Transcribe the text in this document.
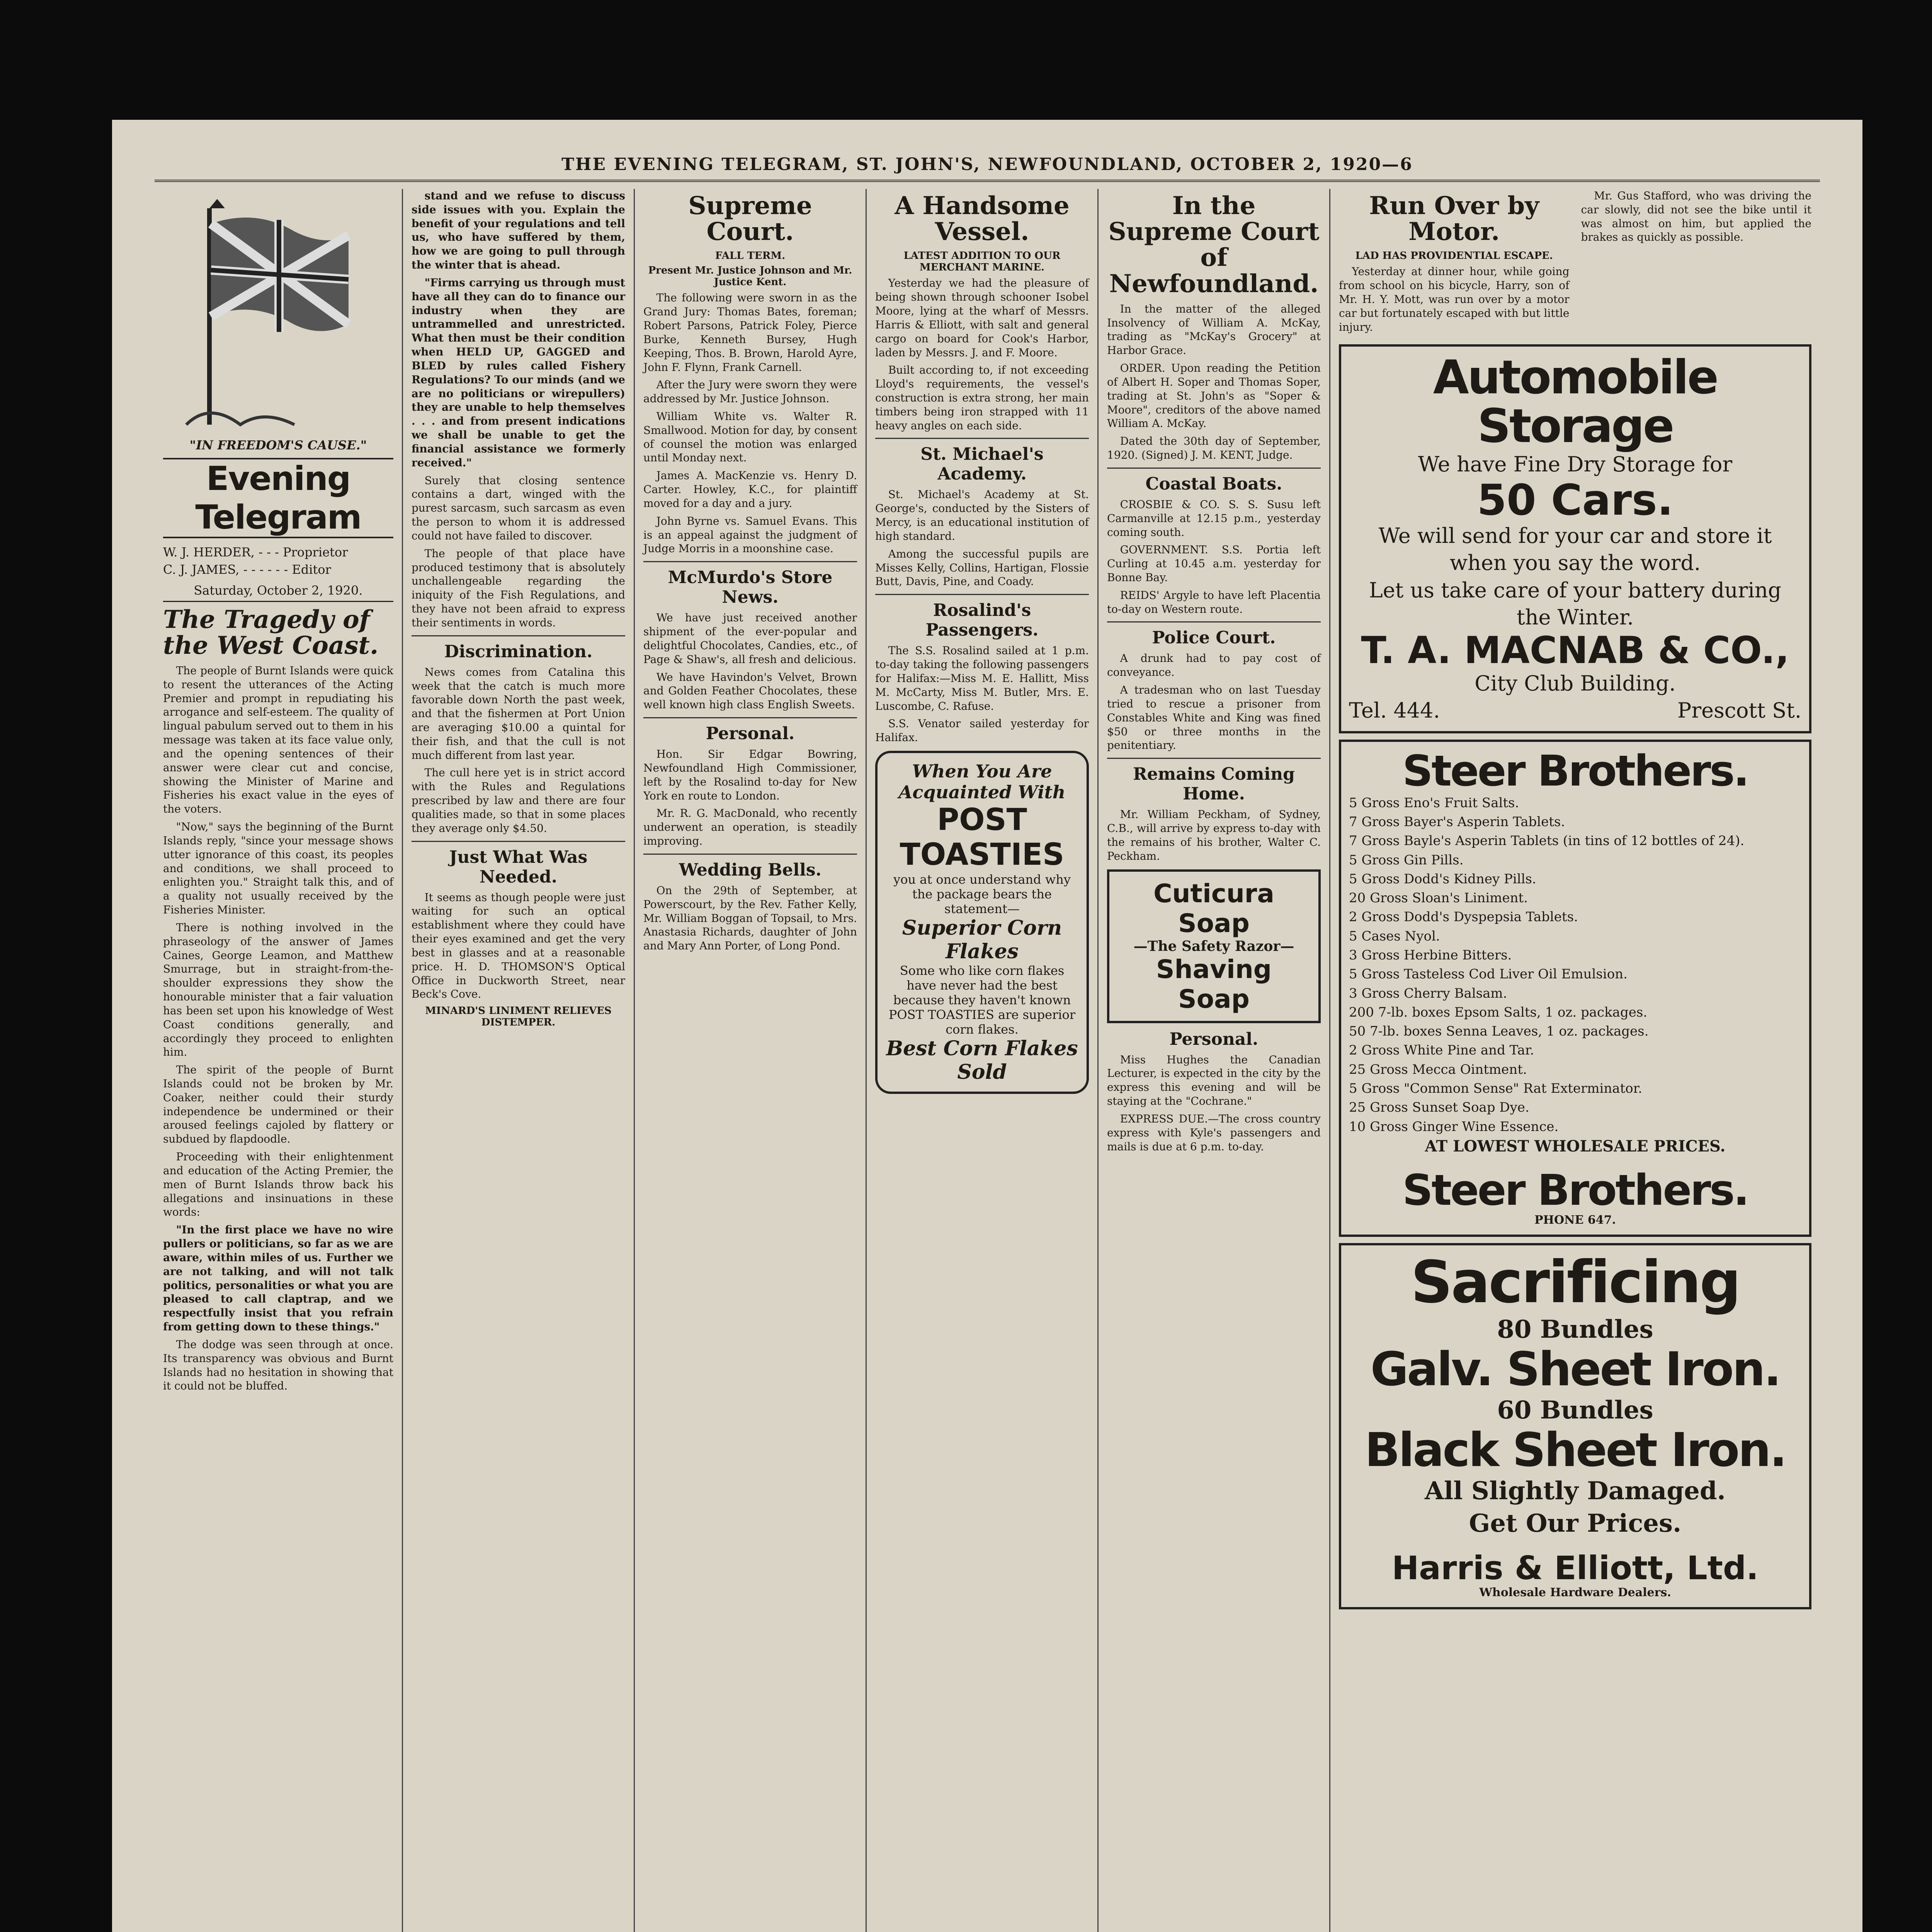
THE EVENING TELEGRAM, ST. JOHN'S, NEWFOUNDLAND, OCTOBER 2, 1920—6
"IN FREEDOM'S CAUSE."
Evening Telegram
W. J. HERDER, - - - Proprietor
C. J. JAMES, - - - - - - Editor
Saturday, October 2, 1920.
The Tragedy of the West Coast.

The people of Burnt Islands were quick to resent the utterances of the Acting Premier and prompt in repudiating his arrogance and self-esteem. The quality of lingual pabulum served out to them in his message was taken at its face value only, and the opening sentences of their answer were clear cut and concise, showing the Minister of Marine and Fisheries his exact value in the eyes of the voters.

"Now," says the beginning of the Burnt Islands reply, "since your message shows utter ignorance of this coast, its peoples and conditions, we shall proceed to enlighten you." Straight talk this, and of a quality not usually received by the Fisheries Minister.

There is nothing involved in the phraseology of the answer of James Caines, George Leamon, and Matthew Smurrage, but in straight-from-the-shoulder expressions they show the honourable minister that a fair valuation has been set upon his knowledge of West Coast conditions generally, and accordingly they proceed to enlighten him.

The spirit of the people of Burnt Islands could not be broken by Mr. Coaker, neither could their sturdy independence be undermined or their aroused feelings cajoled by flattery or subdued by flapdoodle.

Proceeding with their enlightenment and education of the Acting Premier, the men of Burnt Islands throw back his allegations and insinuations in these words:

"In the first place we have no wire pullers or politicians, so far as we are aware, within miles of us. Further we are not talking, and will not talk politics, personalities or what you are pleased to call claptrap, and we respectfully insist that you refrain from getting down to these things."

The dodge was seen through at once. Its transparency was obvious and Burnt Islands had no hesitation in showing that it could not be bluffed.

stand and we refuse to discuss side issues with you. Explain the benefit of your regulations and tell us, who have suffered by them, how we are going to pull through the winter that is ahead.

"Firms carrying us through must have all they can do to finance our industry when they are untrammelled and unrestricted. What then must be their condition when HELD UP, GAGGED and BLED by rules called Fishery Regulations? To our minds (and we are no politicians or wirepullers) they are unable to help themselves . . . and from present indications we shall be unable to get the financial assistance we formerly received."

Surely that closing sentence contains a dart, winged with the purest sarcasm, such sarcasm as even the person to whom it is addressed could not have failed to discover.

The people of that place have produced testimony that is absolutely unchallengeable regarding the iniquity of the Fish Regulations, and they have not been afraid to express their sentiments in words.

Discrimination.

News comes from Catalina this week that the catch is much more favorable down North the past week, and that the fishermen at Port Union are averaging $10.00 a quintal for their fish, and that the cull is not much different from last year.

The cull here yet is in strict accord with the Rules and Regulations prescribed by law and there are four qualities made, so that in some places they average only $4.50.

Just What Was Needed.

It seems as though people were just waiting for such an optical establishment where they could have their eyes examined and get the very best in glasses and at a reasonable price. H. D. THOMSON'S Optical Office in Duckworth Street, near Beck's Cove.

MINARD'S LINIMENT RELIEVES DISTEMPER.
Supreme Court.
FALL TERM.
Present Mr. Justice Johnson and Mr. Justice Kent.

The following were sworn in as the Grand Jury: Thomas Bates, foreman; Robert Parsons, Patrick Foley, Pierce Burke, Kenneth Bursey, Hugh Keeping, Thos. B. Brown, Harold Ayre, John F. Flynn, Frank Carnell.

After the Jury were sworn they were addressed by Mr. Justice Johnson.

William White vs. Walter R. Smallwood. Motion for day, by consent of counsel the motion was enlarged until Monday next.

James A. MacKenzie vs. Henry D. Carter. Howley, K.C., for plaintiff moved for a day and a jury.

John Byrne vs. Samuel Evans. This is an appeal against the judgment of Judge Morris in a moonshine case.

McMurdo's Store News.

We have just received another shipment of the ever-popular and delightful Chocolates, Candies, etc., of Page & Shaw's, all fresh and delicious.

We have Havindon's Velvet, Brown and Golden Feather Chocolates, these well known high class English Sweets.

Personal.

Hon. Sir Edgar Bowring, Newfoundland High Commissioner, left by the Rosalind to-day for New York en route to London.

Mr. R. G. MacDonald, who recently underwent an operation, is steadily improving.

Wedding Bells.

On the 29th of September, at Powerscourt, by the Rev. Father Kelly, Mr. William Boggan of Topsail, to Mrs. Anastasia Richards, daughter of John and Mary Ann Porter, of Long Pond.

A Handsome Vessel.
LATEST ADDITION TO OUR MERCHANT MARINE.

Yesterday we had the pleasure of being shown through schooner Isobel Moore, lying at the wharf of Messrs. Harris & Elliott, with salt and general cargo on board for Cook's Harbor, laden by Messrs. J. and F. Moore.

Built according to, if not exceeding Lloyd's requirements, the vessel's construction is extra strong, her main timbers being iron strapped with 11 heavy angles on each side.

St. Michael's Academy.

St. Michael's Academy at St. George's, conducted by the Sisters of Mercy, is an educational institution of high standard.

Among the successful pupils are Misses Kelly, Collins, Hartigan, Flossie Butt, Davis, Pine, and Coady.

Rosalind's Passengers.

The S.S. Rosalind sailed at 1 p.m. to-day taking the following passengers for Halifax:—Miss M. E. Hallitt, Miss M. McCarty, Miss M. Butler, Mrs. E. Luscombe, C. Rafuse.

S.S. Venator sailed yesterday for Halifax.

When You Are Acquainted With
POST TOASTIES
you at once understand why the package bears the statement—
Superior Corn Flakes
Some who like corn flakes have never had the best because they haven't known POST TOASTIES are superior corn flakes.
Best Corn Flakes Sold
In the Supreme Court of Newfoundland.

In the matter of the alleged Insolvency of William A. McKay, trading as "McKay's Grocery" at Harbor Grace.

ORDER. Upon reading the Petition of Albert H. Soper and Thomas Soper, trading at St. John's as "Soper & Moore", creditors of the above named William A. McKay.

Dated the 30th day of September, 1920. (Signed) J. M. KENT, Judge.

Coastal Boats.

CROSBIE & CO. S. S. Susu left Carmanville at 12.15 p.m., yesterday coming south.

GOVERNMENT. S.S. Portia left Curling at 10.45 a.m. yesterday for Bonne Bay.

REIDS' Argyle to have left Placentia to-day on Western route.

Police Court.

A drunk had to pay cost of conveyance.

A tradesman who on last Tuesday tried to rescue a prisoner from Constables White and King was fined $50 or three months in the penitentiary.

Remains Coming Home.

Mr. William Peckham, of Sydney, C.B., will arrive by express to-day with the remains of his brother, Walter C. Peckham.

Cuticura Soap
—The Safety Razor—
Shaving Soap
Personal.

Miss Hughes the Canadian Lecturer, is expected in the city by the express this evening and will be staying at the "Cochrane."

EXPRESS DUE.—The cross country express with Kyle's passengers and mails is due at 6 p.m. to-day.

Run Over by Motor.
LAD HAS PROVIDENTIAL ESCAPE.

Yesterday at dinner hour, while going from school on his bicycle, Harry, son of Mr. H. Y. Mott, was run over by a motor car but fortunately escaped with but little injury.

Mr. Gus Stafford, who was driving the car slowly, did not see the bike until it was almost on him, but applied the brakes as quickly as possible.

Automobile Storage
We have Fine Dry Storage for
50 Cars.
We will send for your car and store it when you say the word.
Let us take care of your battery during the Winter.
T. A. MACNAB & CO.,
City Club Building.
Tel. 444.	Prescott St.
Steer Brothers.
5 Gross Eno's Fruit Salts.
7 Gross Bayer's Asperin Tablets.
7 Gross Bayle's Asperin Tablets (in tins of 12 bottles of 24).
5 Gross Gin Pills.
5 Gross Dodd's Kidney Pills.
20 Gross Sloan's Liniment.
2 Gross Dodd's Dyspepsia Tablets.
5 Cases Nyol.
3 Gross Herbine Bitters.
5 Gross Tasteless Cod Liver Oil Emulsion.
3 Gross Cherry Balsam.
200 7-lb. boxes Epsom Salts, 1 oz. packages.
50 7-lb. boxes Senna Leaves, 1 oz. packages.
2 Gross White Pine and Tar.
25 Gross Mecca Ointment.
5 Gross "Common Sense" Rat Exterminator.
25 Gross Sunset Soap Dye.
10 Gross Ginger Wine Essence.
AT LOWEST WHOLESALE PRICES.
Steer Brothers.
PHONE 647.
Sacrificing
80 Bundles
Galv. Sheet Iron.
60 Bundles
Black Sheet Iron.
All Slightly Damaged.
Get Our Prices.
Harris & Elliott, Ltd.
Wholesale Hardware Dealers.
